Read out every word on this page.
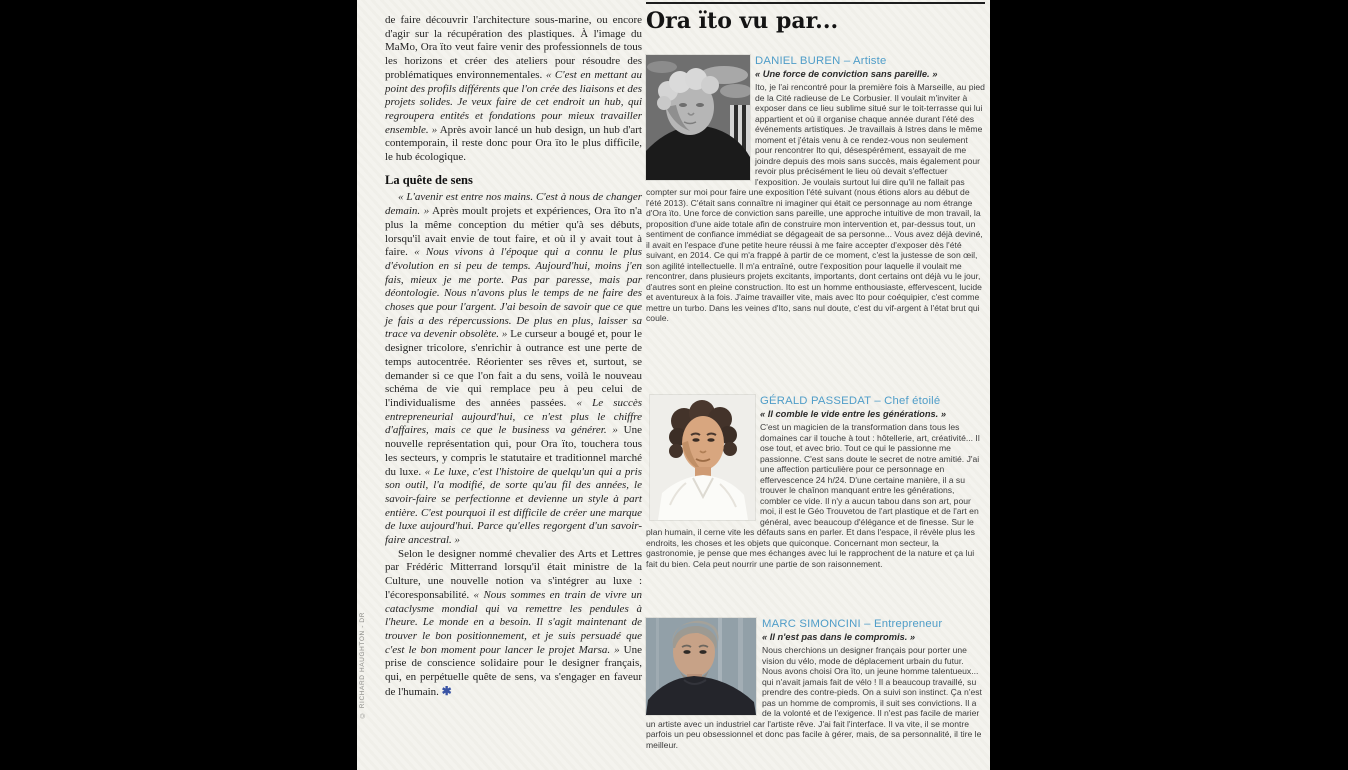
© RICHARD HAUGHTON - DR

de faire découvrir l'architecture sous-marine, ou encore d'agir sur la récupération des plastiques. À l'image du MaMo, Ora ïto veut faire venir des professionnels de tous les horizons et créer des ateliers pour résoudre des problématiques environnementales. « C'est en mettant au point des profils différents que l'on crée des liaisons et des projets solides. Je veux faire de cet endroit un hub, qui regroupera entités et fondations pour mieux travailler ensemble. » Après avoir lancé un hub design, un hub d'art contemporain, il reste donc pour Ora ïto le plus difficile, le hub écologique.

La quête de sens

« L'avenir est entre nos mains. C'est à nous de changer demain. » Après moult projets et expériences, Ora ïto n'a plus la même conception du métier qu'à ses débuts, lorsqu'il avait envie de tout faire, et où il y avait tout à faire. « Nous vivons à l'époque qui a connu le plus d'évolution en si peu de temps. Aujourd'hui, moins j'en fais, mieux je me porte. Pas par paresse, mais par déontologie. Nous n'avons plus le temps de ne faire des choses que pour l'argent. J'ai besoin de savoir que ce que je fais a des répercussions. De plus en plus, laisser sa trace va devenir obsolète. » Le curseur a bougé et, pour le designer tricolore, s'enrichir à outrance est une perte de temps autocentrée. Réorienter ses rêves et, surtout, se demander si ce que l'on fait a du sens, voilà le nouveau schéma de vie qui remplace peu à peu celui de l'individualisme des années passées. « Le succès entrepreneurial aujourd'hui, ce n'est plus le chiffre d'affaires, mais ce que le business va générer. » Une nouvelle représentation qui, pour Ora ïto, touchera tous les secteurs, y compris le statutaire et traditionnel marché du luxe. « Le luxe, c'est l'histoire de quelqu'un qui a pris son outil, l'a modifié, de sorte qu'au fil des années, le savoir-faire se perfectionne et devienne un style à part entière. C'est pourquoi il est difficile de créer une marque de luxe aujourd'hui. Parce qu'elles regorgent d'un savoir-faire ancestral. »

Selon le designer nommé chevalier des Arts et Lettres par Frédéric Mitterrand lorsqu'il était ministre de la Culture, une nouvelle notion va s'intégrer au luxe : l'écoresponsabilité. « Nous sommes en train de vivre un cataclysme mondial qui va remettre les pendules à l'heure. Le monde en a besoin. Il s'agit maintenant de trouver le bon positionnement, et je suis persuadé que c'est le bon moment pour lancer le projet Marsa. » Une prise de conscience solidaire pour le designer français, qui, en perpétuelle quête de sens, va s'engager en faveur de l'humain. ✱

Ora ïto vu par...
DANIEL BUREN – Artiste
« Une force de conviction sans pareille. »

Ito, je l'ai rencontré pour la première fois à Marseille, au pied de la Cité radieuse de Le Corbusier. Il voulait m'inviter à exposer dans ce lieu sublime situé sur le toit-terrasse qui lui appartient et où il organise chaque année durant l'été des événements artistiques. Je travaillais à Istres dans le même moment et j'étais venu à ce rendez-vous non seulement pour rencontrer Ito qui, désespérément, essayait de me joindre depuis des mois sans succès, mais également pour revoir plus précisément le lieu où devait s'effectuer l'exposition. Je voulais surtout lui dire qu'il ne fallait pas compter sur moi pour faire une exposition l'été suivant (nous étions alors au début de l'été 2013). C'était sans connaître ni imaginer qui était ce personnage au nom étrange d'Ora ïto. Une force de conviction sans pareille, une approche intuitive de mon travail, la proposition d'une aide totale afin de construire mon intervention et, par-dessus tout, un sentiment de confiance immédiat se dégageait de sa personne... Vous avez déjà deviné, il avait en l'espace d'une petite heure réussi à me faire accepter d'exposer dès l'été suivant, en 2014. Ce qui m'a frappé à partir de ce moment, c'est la justesse de son œil, son agilité intellectuelle. Il m'a entraîné, outre l'exposition pour laquelle il voulait me rencontrer, dans plusieurs projets excitants, importants, dont certains ont déjà vu le jour, d'autres sont en pleine construction. Ito est un homme enthousiaste, effervescent, lucide et aventureux à la fois. J'aime travailler vite, mais avec Ito pour coéquipier, c'est comme mettre un turbo. Dans les veines d'Ito, sans nul doute, c'est du vif-argent à l'état brut qui coule.

GÉRALD PASSEDAT – Chef étoilé
« Il comble le vide entre les générations. »

C'est un magicien de la transformation dans tous les domaines car il touche à tout : hôtellerie, art, créativité... Il ose tout, et avec brio. Tout ce qui le passionne me passionne. C'est sans doute le secret de notre amitié. J'ai une affection particulière pour ce personnage en effervescence 24 h/24. D'une certaine manière, il a su trouver le chaînon manquant entre les générations, combler ce vide. Il n'y a aucun tabou dans son art, pour moi, il est le Géo Trouvetou de l'art plastique et de l'art en général, avec beaucoup d'élégance et de finesse. Sur le plan humain, il cerne vite les défauts sans en parler. Et dans l'espace, il révèle plus les endroits, les choses et les objets que quiconque. Concernant mon secteur, la gastronomie, je pense que mes échanges avec lui le rapprochent de la nature et ça lui fait du bien. Cela peut nourrir une partie de son raisonnement.

MARC SIMONCINI – Entrepreneur
« Il n'est pas dans le compromis. »

Nous cherchions un designer français pour porter une vision du vélo, mode de déplacement urbain du futur. Nous avons choisi Ora ïto, un jeune homme talentueux... qui n'avait jamais fait de vélo ! Il a beaucoup travaillé, su prendre des contre-pieds. On a suivi son instinct. Ça n'est pas un homme de compromis, il suit ses convictions. Il a de la volonté et de l'exigence. Il n'est pas facile de marier un artiste avec un industriel car l'artiste rêve. J'ai fait l'interface. Il va vite, il se montre parfois un peu obsessionnel et donc pas facile à gérer, mais, de sa personnalité, il tire le meilleur.
